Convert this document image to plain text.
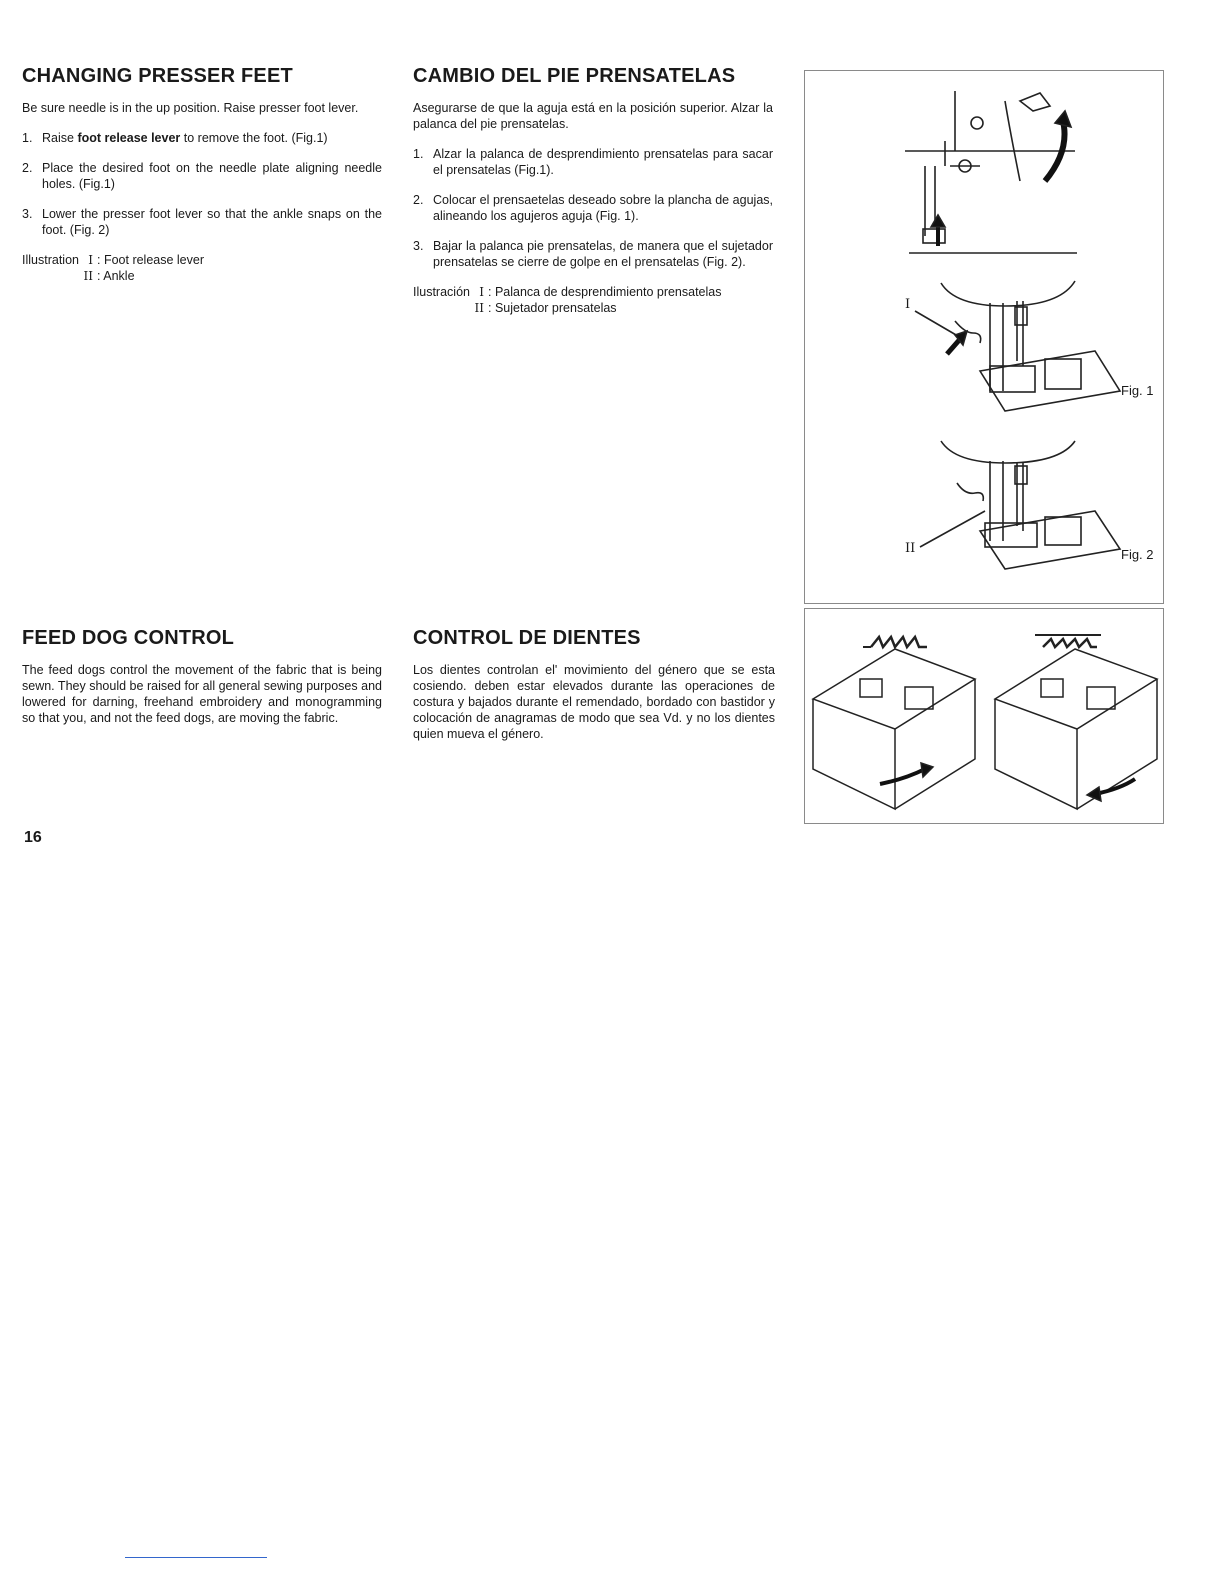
CHANGING PRESSER FEET

Be sure needle is in the up position. Raise presser foot lever.

1. Raise foot release lever to remove the foot. (Fig.1)
2. Place the desired foot on the needle plate aligning needle holes. (Fig.1)
3. Lower the presser foot lever so that the ankle snaps on the foot. (Fig. 2)
Illustration I : Foot release lever
II : Ankle
CAMBIO DEL PIE PRENSATELAS

Asegurarse de que la aguja está en la posición superior. Alzar la palanca del pie prensatelas.

1. Alzar la palanca de desprendimiento prensatelas para sacar el prensatelas (Fig.1).
2. Colocar el prensaetelas deseado sobre la plancha de agujas, alineando los agujeros aguja (Fig. 1).
3. Bajar la palanca pie prensatelas, de manera que el sujetador prensatelas se cierre de golpe en el prensatelas (Fig. 2).
Ilustración I : Palanca de desprendimiento prensatelas
II : Sujetador prensatelas
FEED DOG CONTROL

The feed dogs control the movement of the fabric that is being sewn. They should be raised for all general sewing purposes and lowered for darning, freehand embroidery and monogramming so that you, and not the feed dogs, are moving the fabric.

CONTROL DE DIENTES

Los dientes controlan el' movimiento del género que se esta cosiendo. deben estar elevados durante las operaciones de costura y bajados durante el remendado, bordado con bastidor y colocación de anagramas de modo que sea Vd. y no los dientes quien mueva el género.

I
II
Fig. 1
Fig. 2
16
